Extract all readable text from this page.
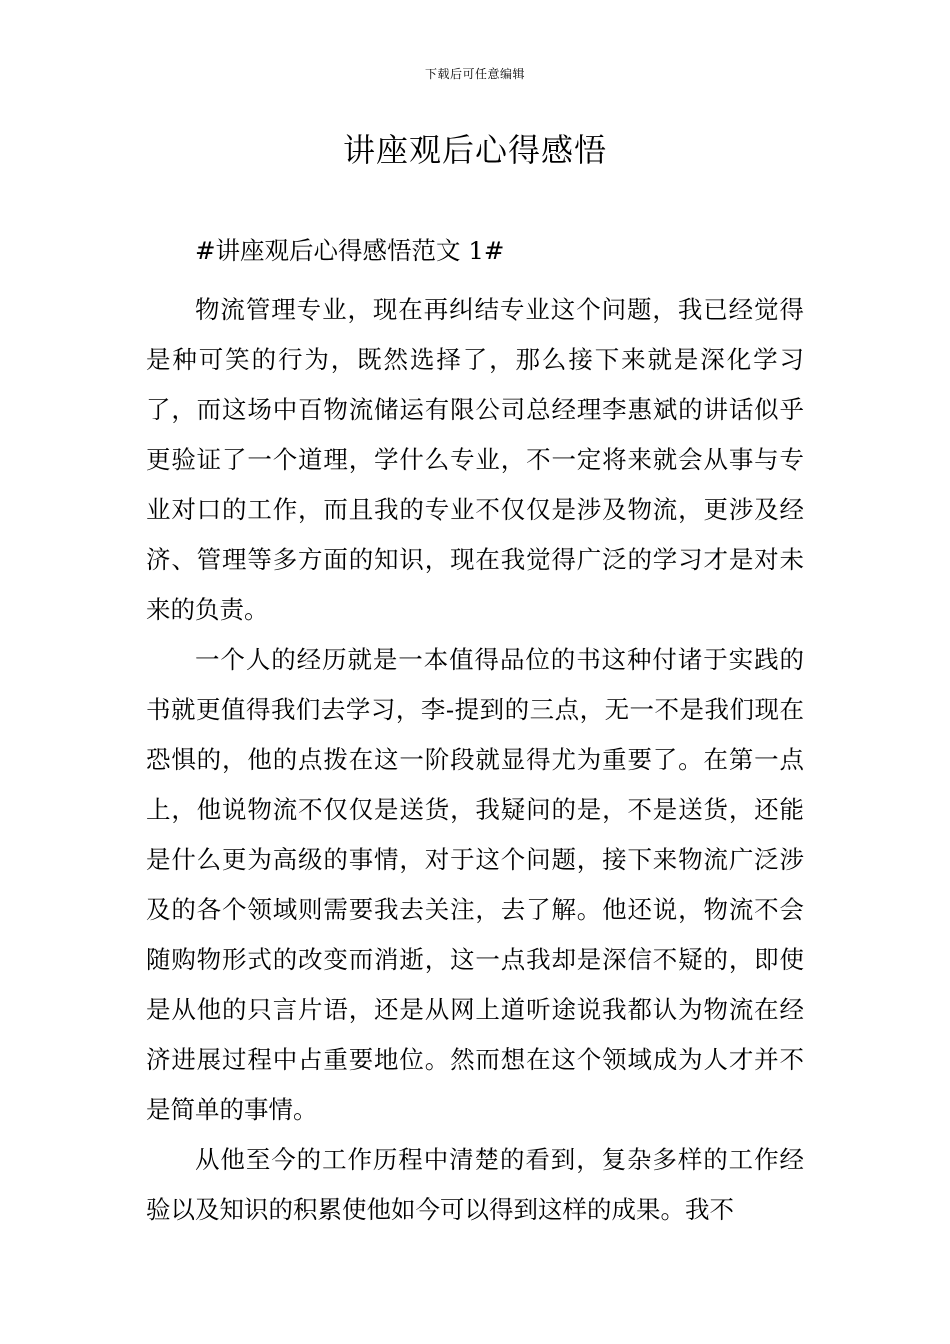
下载后可任意编辑
讲座观后心得感悟

#讲座观后心得感悟范文 1#

物流管理专业，现在再纠结专业这个问题，我已经觉得是种可笑的行为，既然选择了，那么接下来就是深化学习了，而这场中百物流储运有限公司总经理李惠斌的讲话似乎更验证了一个道理，学什么专业，不一定将来就会从事与专业对口的工作，而且我的专业不仅仅是涉及物流，更涉及经济、管理等多方面的知识，现在我觉得广泛的学习才是对未来的负责。

一个人的经历就是一本值得品位的书这种付诸于实践的书就更值得我们去学习，李-提到的三点，无一不是我们现在恐惧的，他的点拨在这一阶段就显得尤为重要了。在第一点上，他说物流不仅仅是送货，我疑问的是，不是送货，还能是什么更为高级的事情，对于这个问题，接下来物流广泛涉及的各个领域则需要我去关注，去了解。他还说，物流不会随购物形式的改变而消逝，这一点我却是深信不疑的，即使是从他的只言片语，还是从网上道听途说我都认为物流在经济进展过程中占重要地位。然而想在这个领域成为人才并不是简单的事情。

从他至今的工作历程中清楚的看到，复杂多样的工作经验以及知识的积累使他如今可以得到这样的成果。我不
